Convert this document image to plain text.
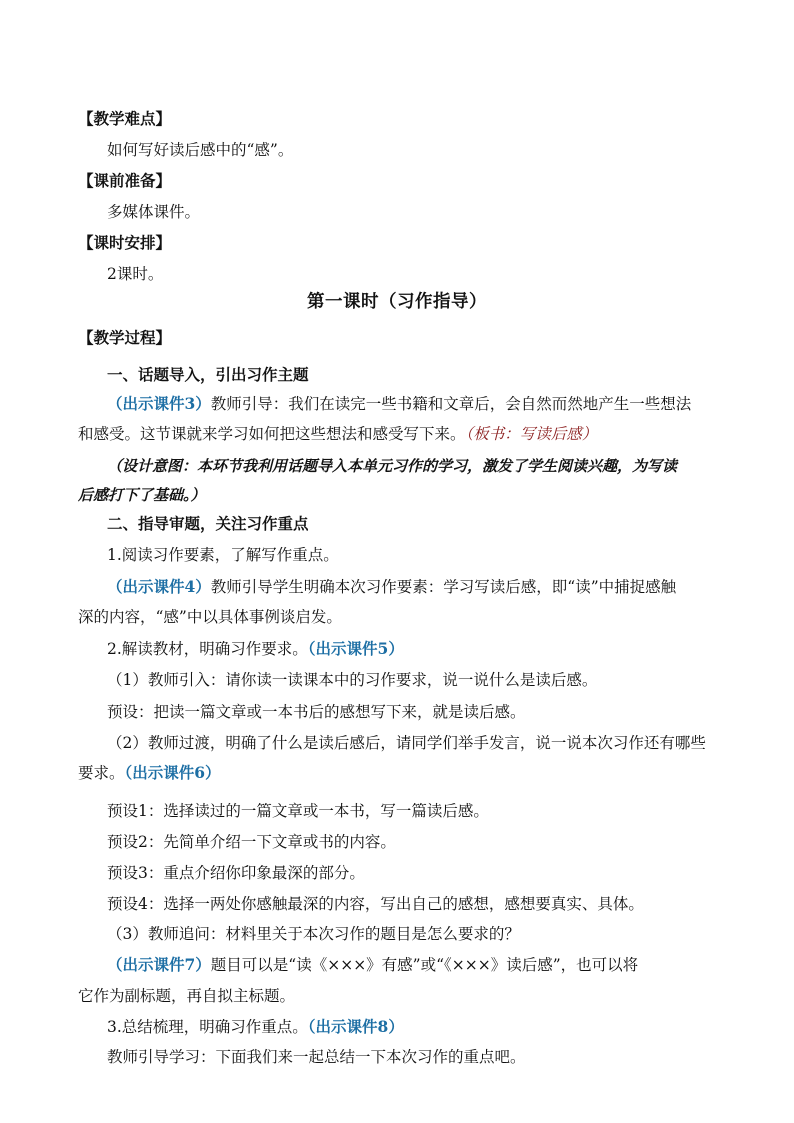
【教学难点】
如何写好读后感中的“感”。
【课前准备】
多媒体课件。
【课时安排】
2课时。
第一课时（习作指导）
【教学过程】
一、话题导入，引出习作主题
（出示课件3）教师引导：我们在读完一些书籍和文章后，会自然而然地产生一些想法
和感受。这节课就来学习如何把这些想法和感受写下来。（板书：写读后感）
（设计意图：本环节我利用话题导入本单元习作的学习，激发了学生阅读兴趣，为写读
后感打下了基础。）
二、指导审题，关注习作重点
1.阅读习作要素，了解写作重点。
（出示课件4）教师引导学生明确本次习作要素：学习写读后感，即“读”中捕捉感触
深的内容，“感”中以具体事例谈启发。
2.解读教材，明确习作要求。（出示课件5）
（1）教师引入：请你读一读课本中的习作要求，说一说什么是读后感。
预设：把读一篇文章或一本书后的感想写下来，就是读后感。
（2）教师过渡，明确了什么是读后感后，请同学们举手发言，说一说本次习作还有哪些
要求。（出示课件6）
预设1：选择读过的一篇文章或一本书，写一篇读后感。
预设2：先简单介绍一下文章或书的内容。
预设3：重点介绍你印象最深的部分。
预设4：选择一两处你感触最深的内容，写出自己的感想，感想要真实、具体。
（3）教师追问：材料里关于本次习作的题目是怎么要求的？
（出示课件7）题目可以是“读《×××》有感”或“《×××》读后感”，也可以将
它作为副标题，再自拟主标题。
3.总结梳理，明确习作重点。（出示课件8）
教师引导学习：下面我们来一起总结一下本次习作的重点吧。
